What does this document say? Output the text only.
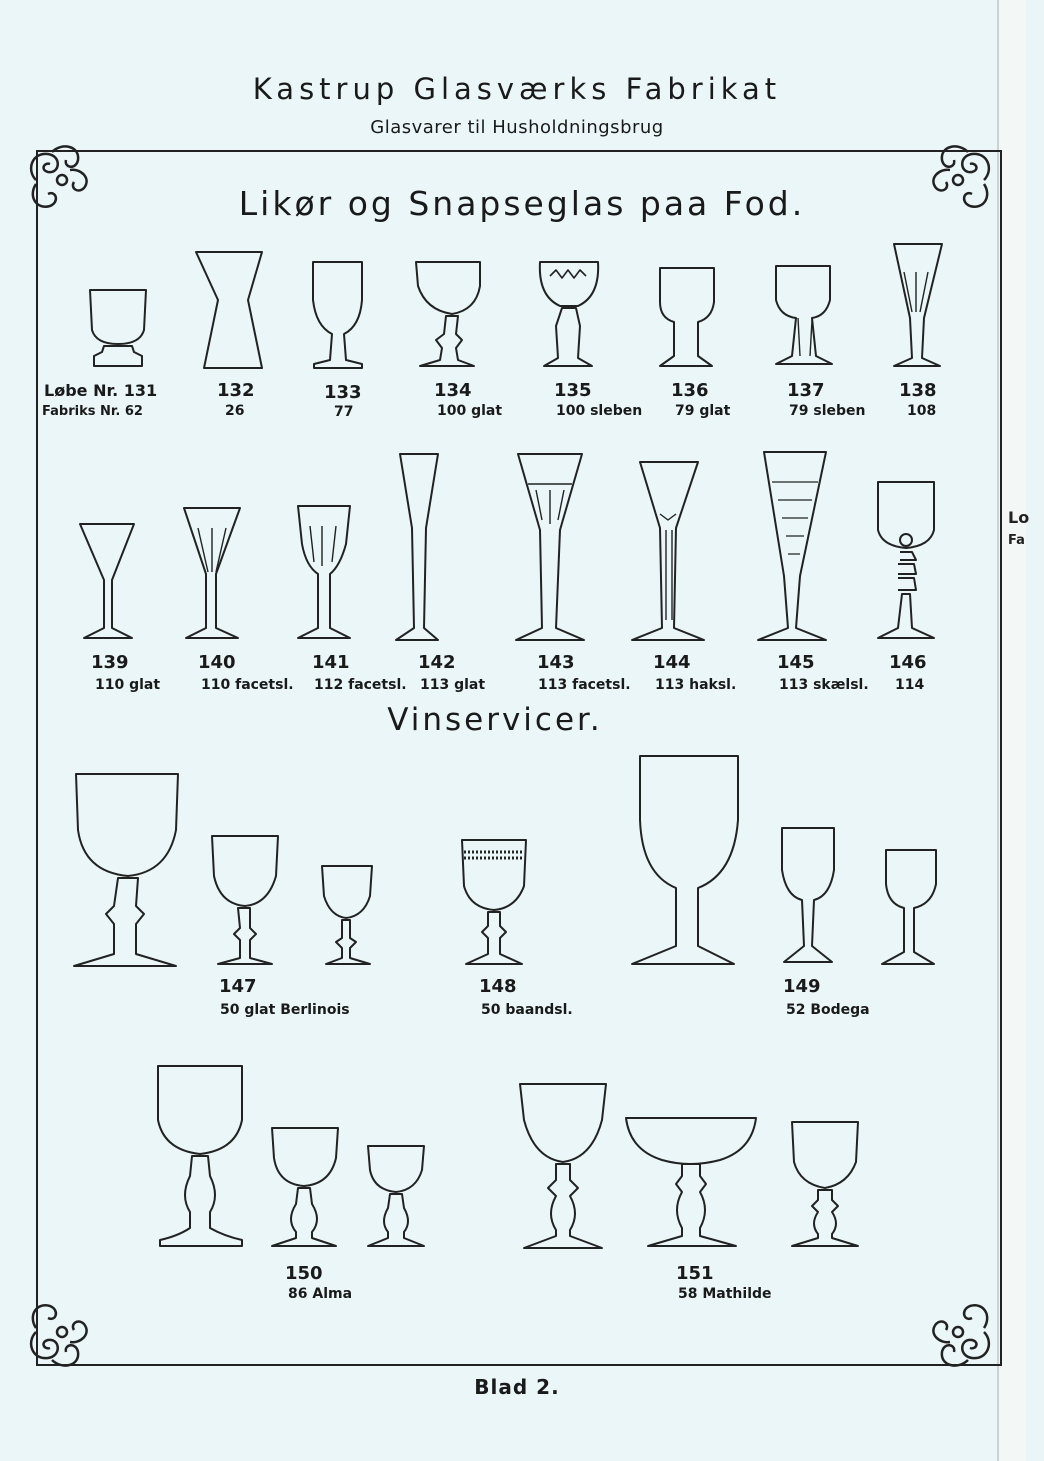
Lo
Fa
Kastrup Glasværks Fabrikat
Glasvarer til Husholdningsbrug
Likør og Snapseglas paa Fod.
Vinservicer.
Løbe Nr. 131
Fabriks Nr. 62
132
26
133
77
134
100 glat
135
100 sleben
136
79 glat
137
79 sleben
138
108
139
110 glat
140
110 facetsl.
141
112 facetsl.
142
113 glat
143
113 facetsl.
144
113 haksl.
145
113 skælsl.
146
114
147
50 glat Berlinois
148
50 baandsl.
149
52 Bodega
150
86 Alma
151
58 Mathilde
Blad 2.
